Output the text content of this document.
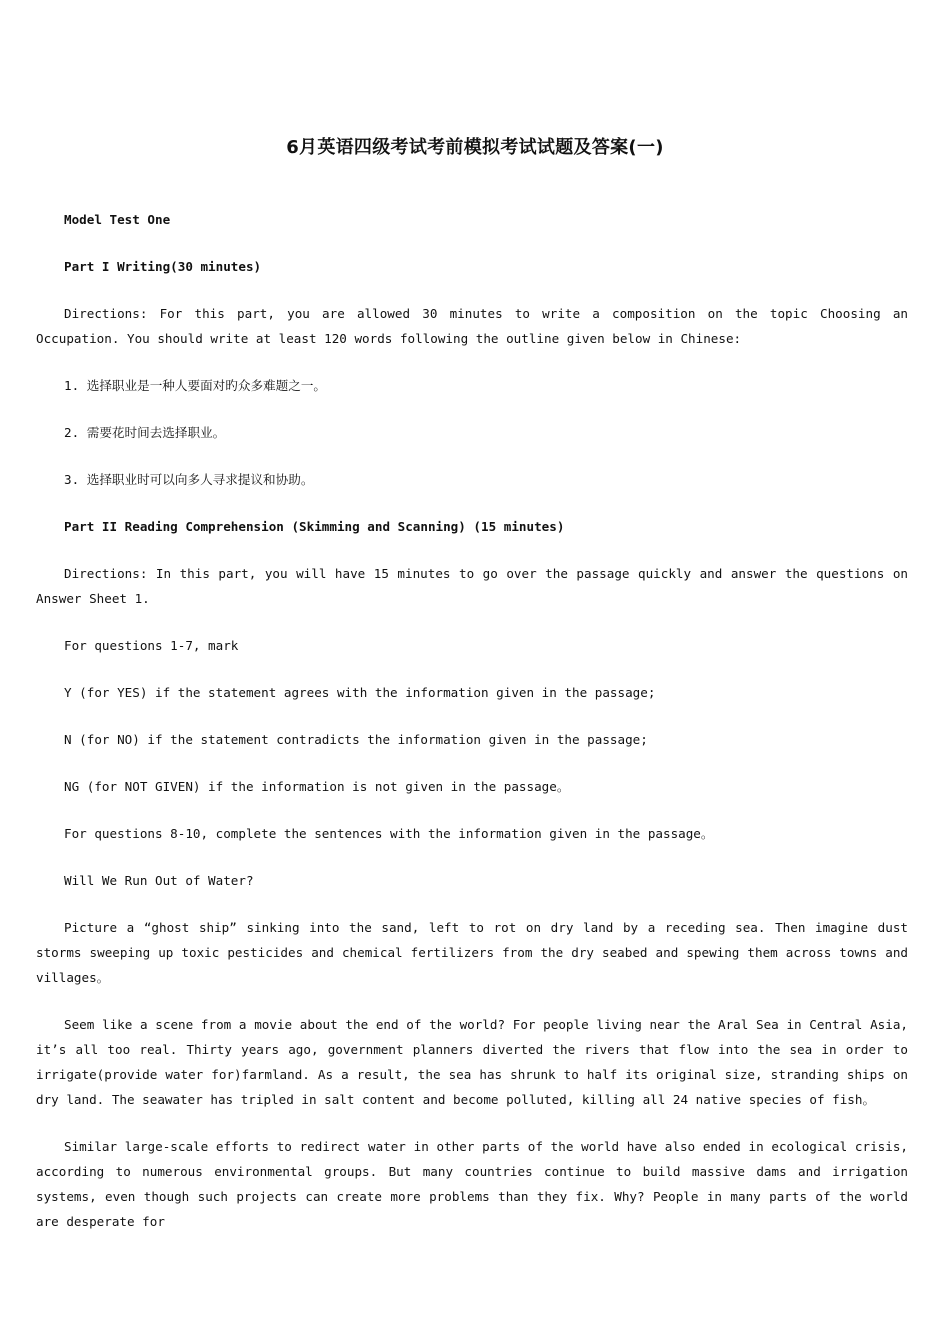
6月英语四级考试考前模拟考试试题及答案(一)

Model Test One

Part I Writing(30 minutes)

Directions: For this part, you are allowed 30 minutes to write a composition on the topic Choosing an Occupation. You should write at least 120 words following the outline given below in Chinese:

1. 选择职业是一种人要面对旳众多难题之一。

2. 需要花时间去选择职业。

3. 选择职业时可以向多人寻求提议和协助。

Part II Reading Comprehension (Skimming and Scanning) (15 minutes)

Directions: In this part, you will have 15 minutes to go over the passage quickly and answer the questions on Answer Sheet 1.

For questions 1-7, mark

Y (for YES) if the statement agrees with the information given in the passage;

N (for NO) if the statement contradicts the information given in the passage;

NG (for NOT GIVEN) if the information is not given in the passage。

For questions 8-10, complete the sentences with the information given in the passage。

Will We Run Out of Water?

Picture a “ghost ship” sinking into the sand, left to rot on dry land by a receding sea. Then imagine dust storms sweeping up toxic pesticides and chemical fertilizers from the dry seabed and spewing them across towns and villages。

Seem like a scene from a movie about the end of the world? For people living near the Aral Sea in Central Asia, it’s all too real. Thirty years ago, government planners diverted the rivers that flow into the sea in order to irrigate(provide water for)farmland. As a result, the sea has shrunk to half its original size, stranding ships on dry land. The seawater has tripled in salt content and become polluted, killing all 24 native species of fish。

Similar large-scale efforts to redirect water in other parts of the world have also ended in ecological crisis, according to numerous environmental groups. But many countries continue to build massive dams and irrigation systems, even though such projects can create more problems than they fix. Why? People in many parts of the world are desperate for
